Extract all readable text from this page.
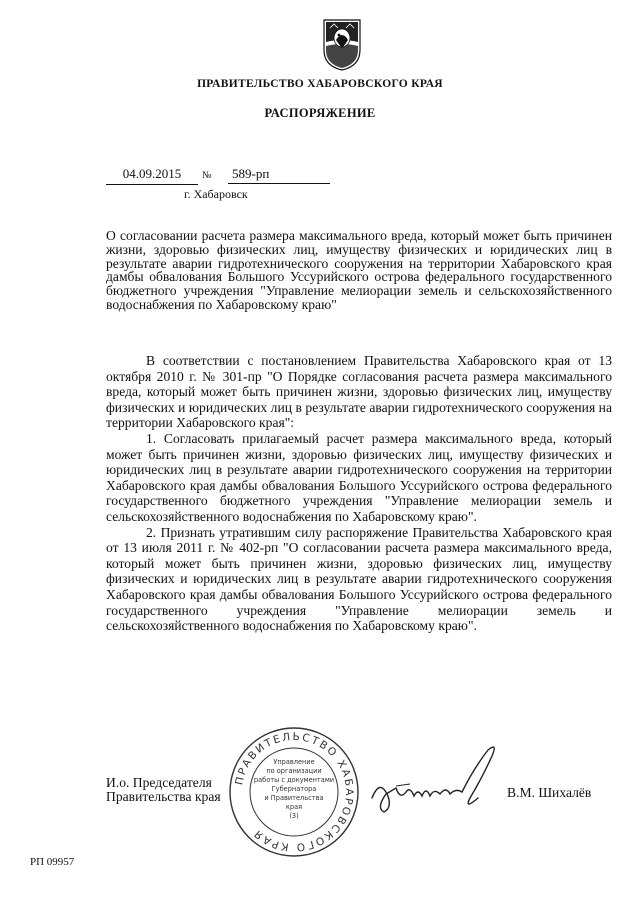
ПРАВИТЕЛЬСТВО ХАБАРОВСКОГО КРАЯ
РАСПОРЯЖЕНИЕ
04.09.2015	№	589-рп
г. Хабаровск
О согласовании расчета размера максимального вреда, который может быть причинен жизни, здоровью физических лиц, имуществу физических и юридических лиц в результате аварии гидротехнического сооружения на территории Хабаровского края дамбы обвалования Большого Уссурийского острова федерального государственного бюджетного учреждения "Управление мелиорации земель и сельскохозяйственного водоснабжения по Хабаровскому краю"

В соответствии с постановлением Правительства Хабаровского края от 13 октября 2010 г. № 301-пр "О Порядке согласования расчета размера максимального вреда, который может быть причинен жизни, здоровью физических лиц, имуществу физических и юридических лиц в результате аварии гидротехнического сооружения на территории Хабаровского края":

1. Согласовать прилагаемый расчет размера максимального вреда, который может быть причинен жизни, здоровью физических лиц, имуществу физических и юридических лиц в результате аварии гидротехнического сооружения на территории Хабаровского края дамбы обвалования Большого Уссурийского острова федерального государственного бюджетного учреждения "Управление мелиорации земель и сельскохозяйственного водоснабжения по Хабаровскому краю".

2. Признать утратившим силу распоряжение Правительства Хабаровского края от 13 июля 2011 г. № 402-рп "О согласовании расчета размера максимального вреда, который может быть причинен жизни, здоровью физических лиц, имуществу физических и юридических лиц в результате аварии гидротехнического сооружения Хабаровского края дамбы обвалования Большого Уссурийского острова федерального государственного учреждения "Управление мелиорации земель и сельскохозяйственного водоснабжения по Хабаровскому краю".

ПРАВИТЕЛЬСТВО ХАБАРОВСКОГО КРАЯ
Управление
по организации
работы с документами
Губернатора
и Правительства
края
(3)
И.о. Председателя
Правительства края	В.М. Шихалёв
РП 09957
